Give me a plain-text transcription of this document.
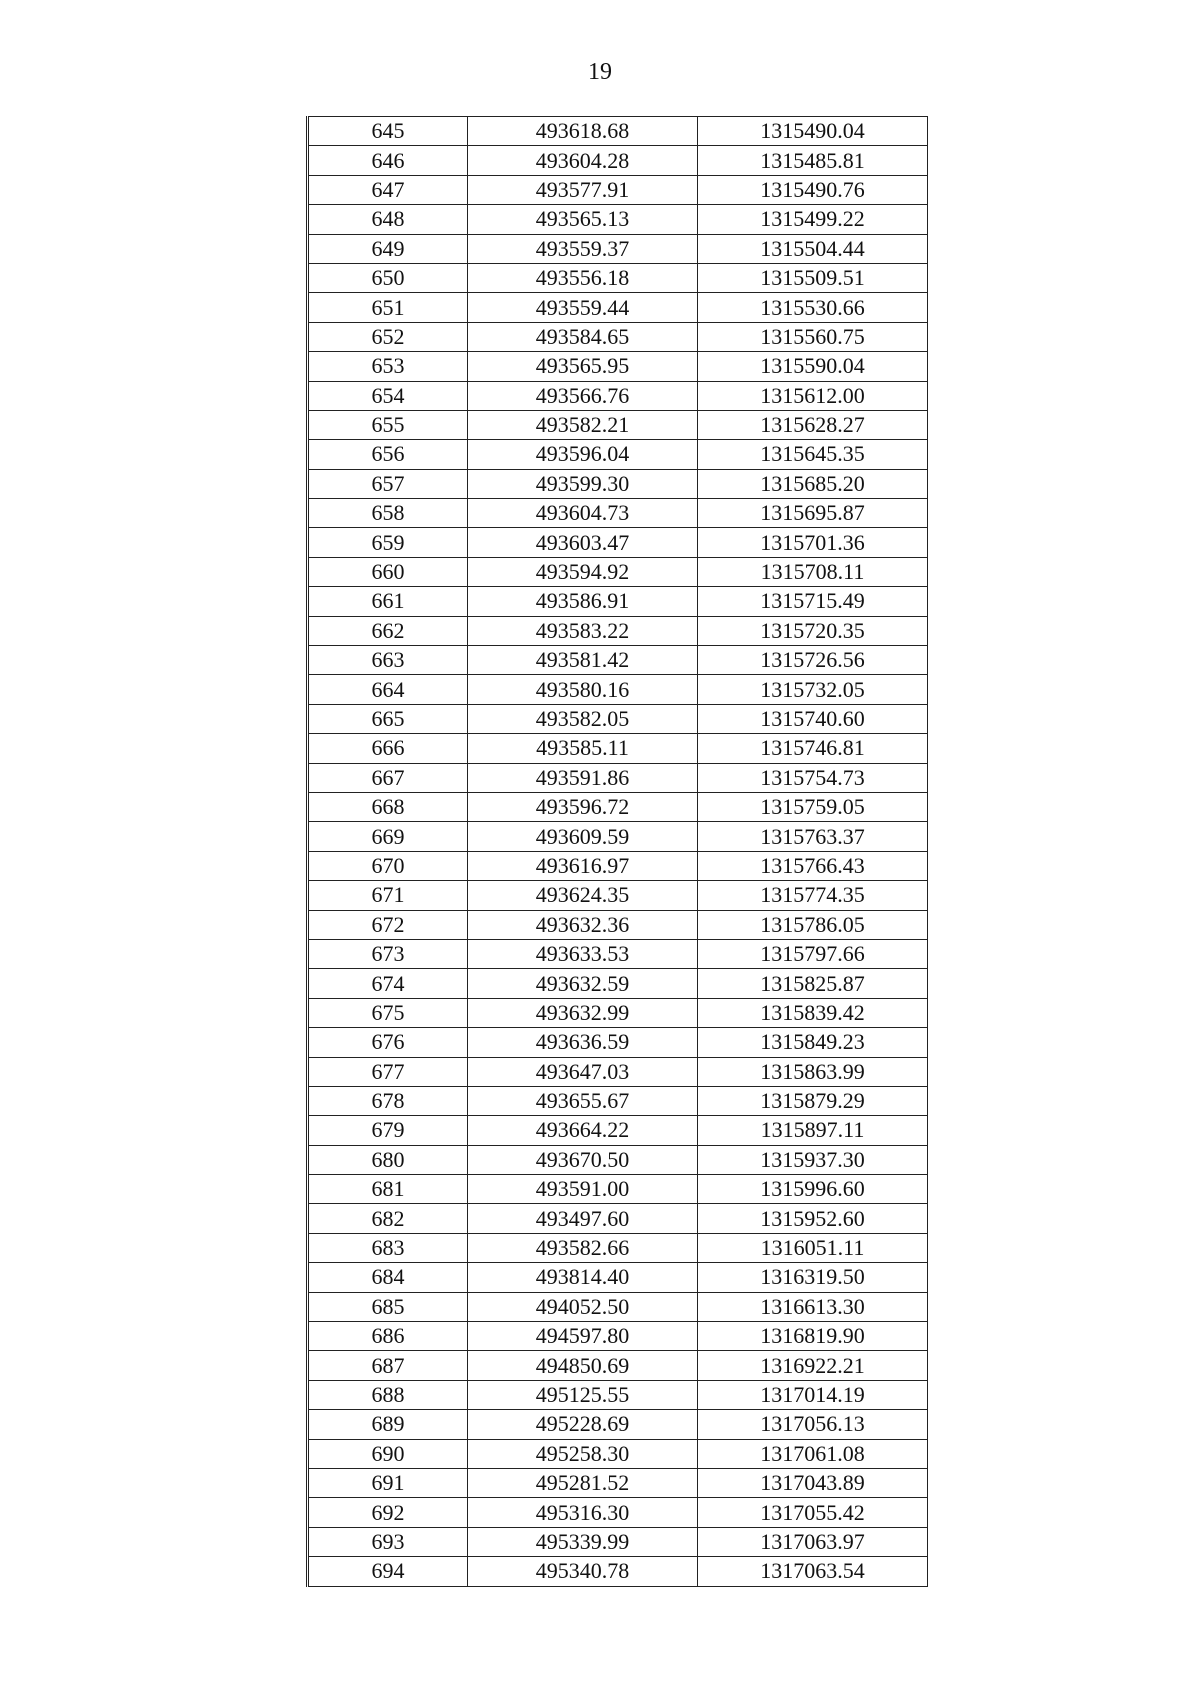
19
645	493618.68	1315490.04
646	493604.28	1315485.81
647	493577.91	1315490.76
648	493565.13	1315499.22
649	493559.37	1315504.44
650	493556.18	1315509.51
651	493559.44	1315530.66
652	493584.65	1315560.75
653	493565.95	1315590.04
654	493566.76	1315612.00
655	493582.21	1315628.27
656	493596.04	1315645.35
657	493599.30	1315685.20
658	493604.73	1315695.87
659	493603.47	1315701.36
660	493594.92	1315708.11
661	493586.91	1315715.49
662	493583.22	1315720.35
663	493581.42	1315726.56
664	493580.16	1315732.05
665	493582.05	1315740.60
666	493585.11	1315746.81
667	493591.86	1315754.73
668	493596.72	1315759.05
669	493609.59	1315763.37
670	493616.97	1315766.43
671	493624.35	1315774.35
672	493632.36	1315786.05
673	493633.53	1315797.66
674	493632.59	1315825.87
675	493632.99	1315839.42
676	493636.59	1315849.23
677	493647.03	1315863.99
678	493655.67	1315879.29
679	493664.22	1315897.11
680	493670.50	1315937.30
681	493591.00	1315996.60
682	493497.60	1315952.60
683	493582.66	1316051.11
684	493814.40	1316319.50
685	494052.50	1316613.30
686	494597.80	1316819.90
687	494850.69	1316922.21
688	495125.55	1317014.19
689	495228.69	1317056.13
690	495258.30	1317061.08
691	495281.52	1317043.89
692	495316.30	1317055.42
693	495339.99	1317063.97
694	495340.78	1317063.54
